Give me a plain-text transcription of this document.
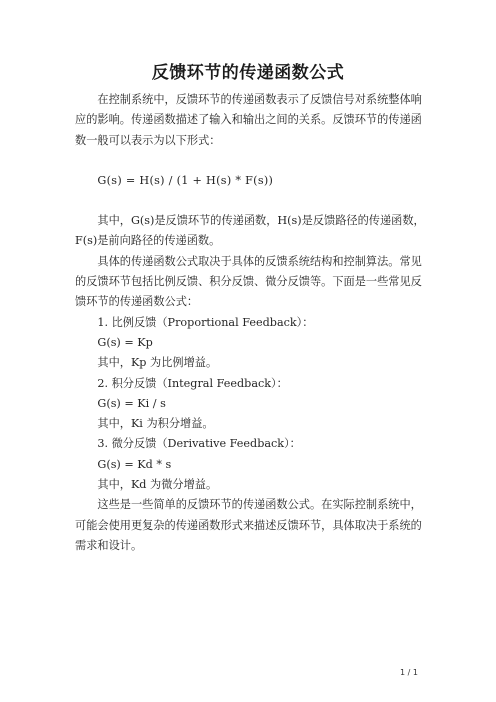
反馈环节的传递函数公式

在控制系统中，反馈环节的传递函数表示了反馈信号对系统整体响应的影响。传递函数描述了输入和输出之间的关系。反馈环节的传递函数一般可以表示为以下形式：

G(s) = H(s) / (1 + H(s) * F(s))

其中，G(s)是反馈环节的传递函数，H(s)是反馈路径的传递函数，F(s)是前向路径的传递函数。

具体的传递函数公式取决于具体的反馈系统结构和控制算法。常见的反馈环节包括比例反馈、积分反馈、微分反馈等。下面是一些常见反馈环节的传递函数公式：

1. 比例反馈（Proportional Feedback）：

G(s) = Kp

其中，Kp 为比例增益。

2. 积分反馈（Integral Feedback）：

G(s) = Ki / s

其中，Ki 为积分增益。

3. 微分反馈（Derivative Feedback）：

G(s) = Kd * s

其中，Kd 为微分增益。

这些是一些简单的反馈环节的传递函数公式。在实际控制系统中，可能会使用更复杂的传递函数形式来描述反馈环节，具体取决于系统的需求和设计。

1 / 1
